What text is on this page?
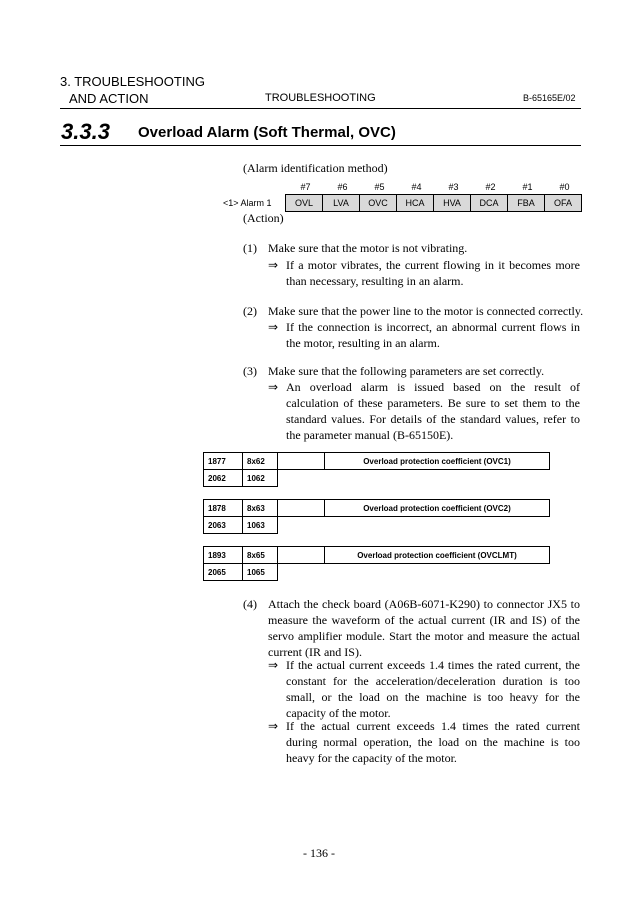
3. TROUBLESHOOTING
AND ACTION	TROUBLESHOOTING	B-65165E/02
3.3.3 Overload Alarm (Soft Thermal, OVC)
(Alarm identification method)
#7	#6	#5	#4	#3	#2	#1	#0
<1> Alarm 1	OVL	LVA	OVC	HCA	HVA	DCA	FBA	OFA
(Action)
(1) Make sure that the motor is not vibrating.
⇒ If a motor vibrates, the current flowing in it becomes more than necessary, resulting in an alarm.
(2) Make sure that the power line to the motor is connected correctly.
⇒ If the connection is incorrect, an abnormal current flows in the motor, resulting in an alarm.
(3) Make sure that the following parameters are set correctly.
⇒ An overload alarm is issued based on the result of calculation of these parameters. Be sure to set them to the standard values. For details of the standard values, refer to the parameter manual (B-65150E).
1877	8x62		Overload protection coefficient (OVC1)
2062	1062		
1878	8x63		Overload protection coefficient (OVC2)
2063	1063		
1893	8x65		Overload protection coefficient (OVCLMT)
2065	1065		
(4) Attach the check board (A06B-6071-K290) to connector JX5 to measure the waveform of the actual current (IR and IS) of the servo amplifier module. Start the motor and measure the actual current (IR and IS).
⇒ If the actual current exceeds 1.4 times the rated current, the constant for the acceleration/deceleration duration is too small, or the load on the machine is too heavy for the capacity of the motor.
⇒ If the actual current exceeds 1.4 times the rated current during normal operation, the load on the machine is too heavy for the capacity of the motor.
- 136 -
